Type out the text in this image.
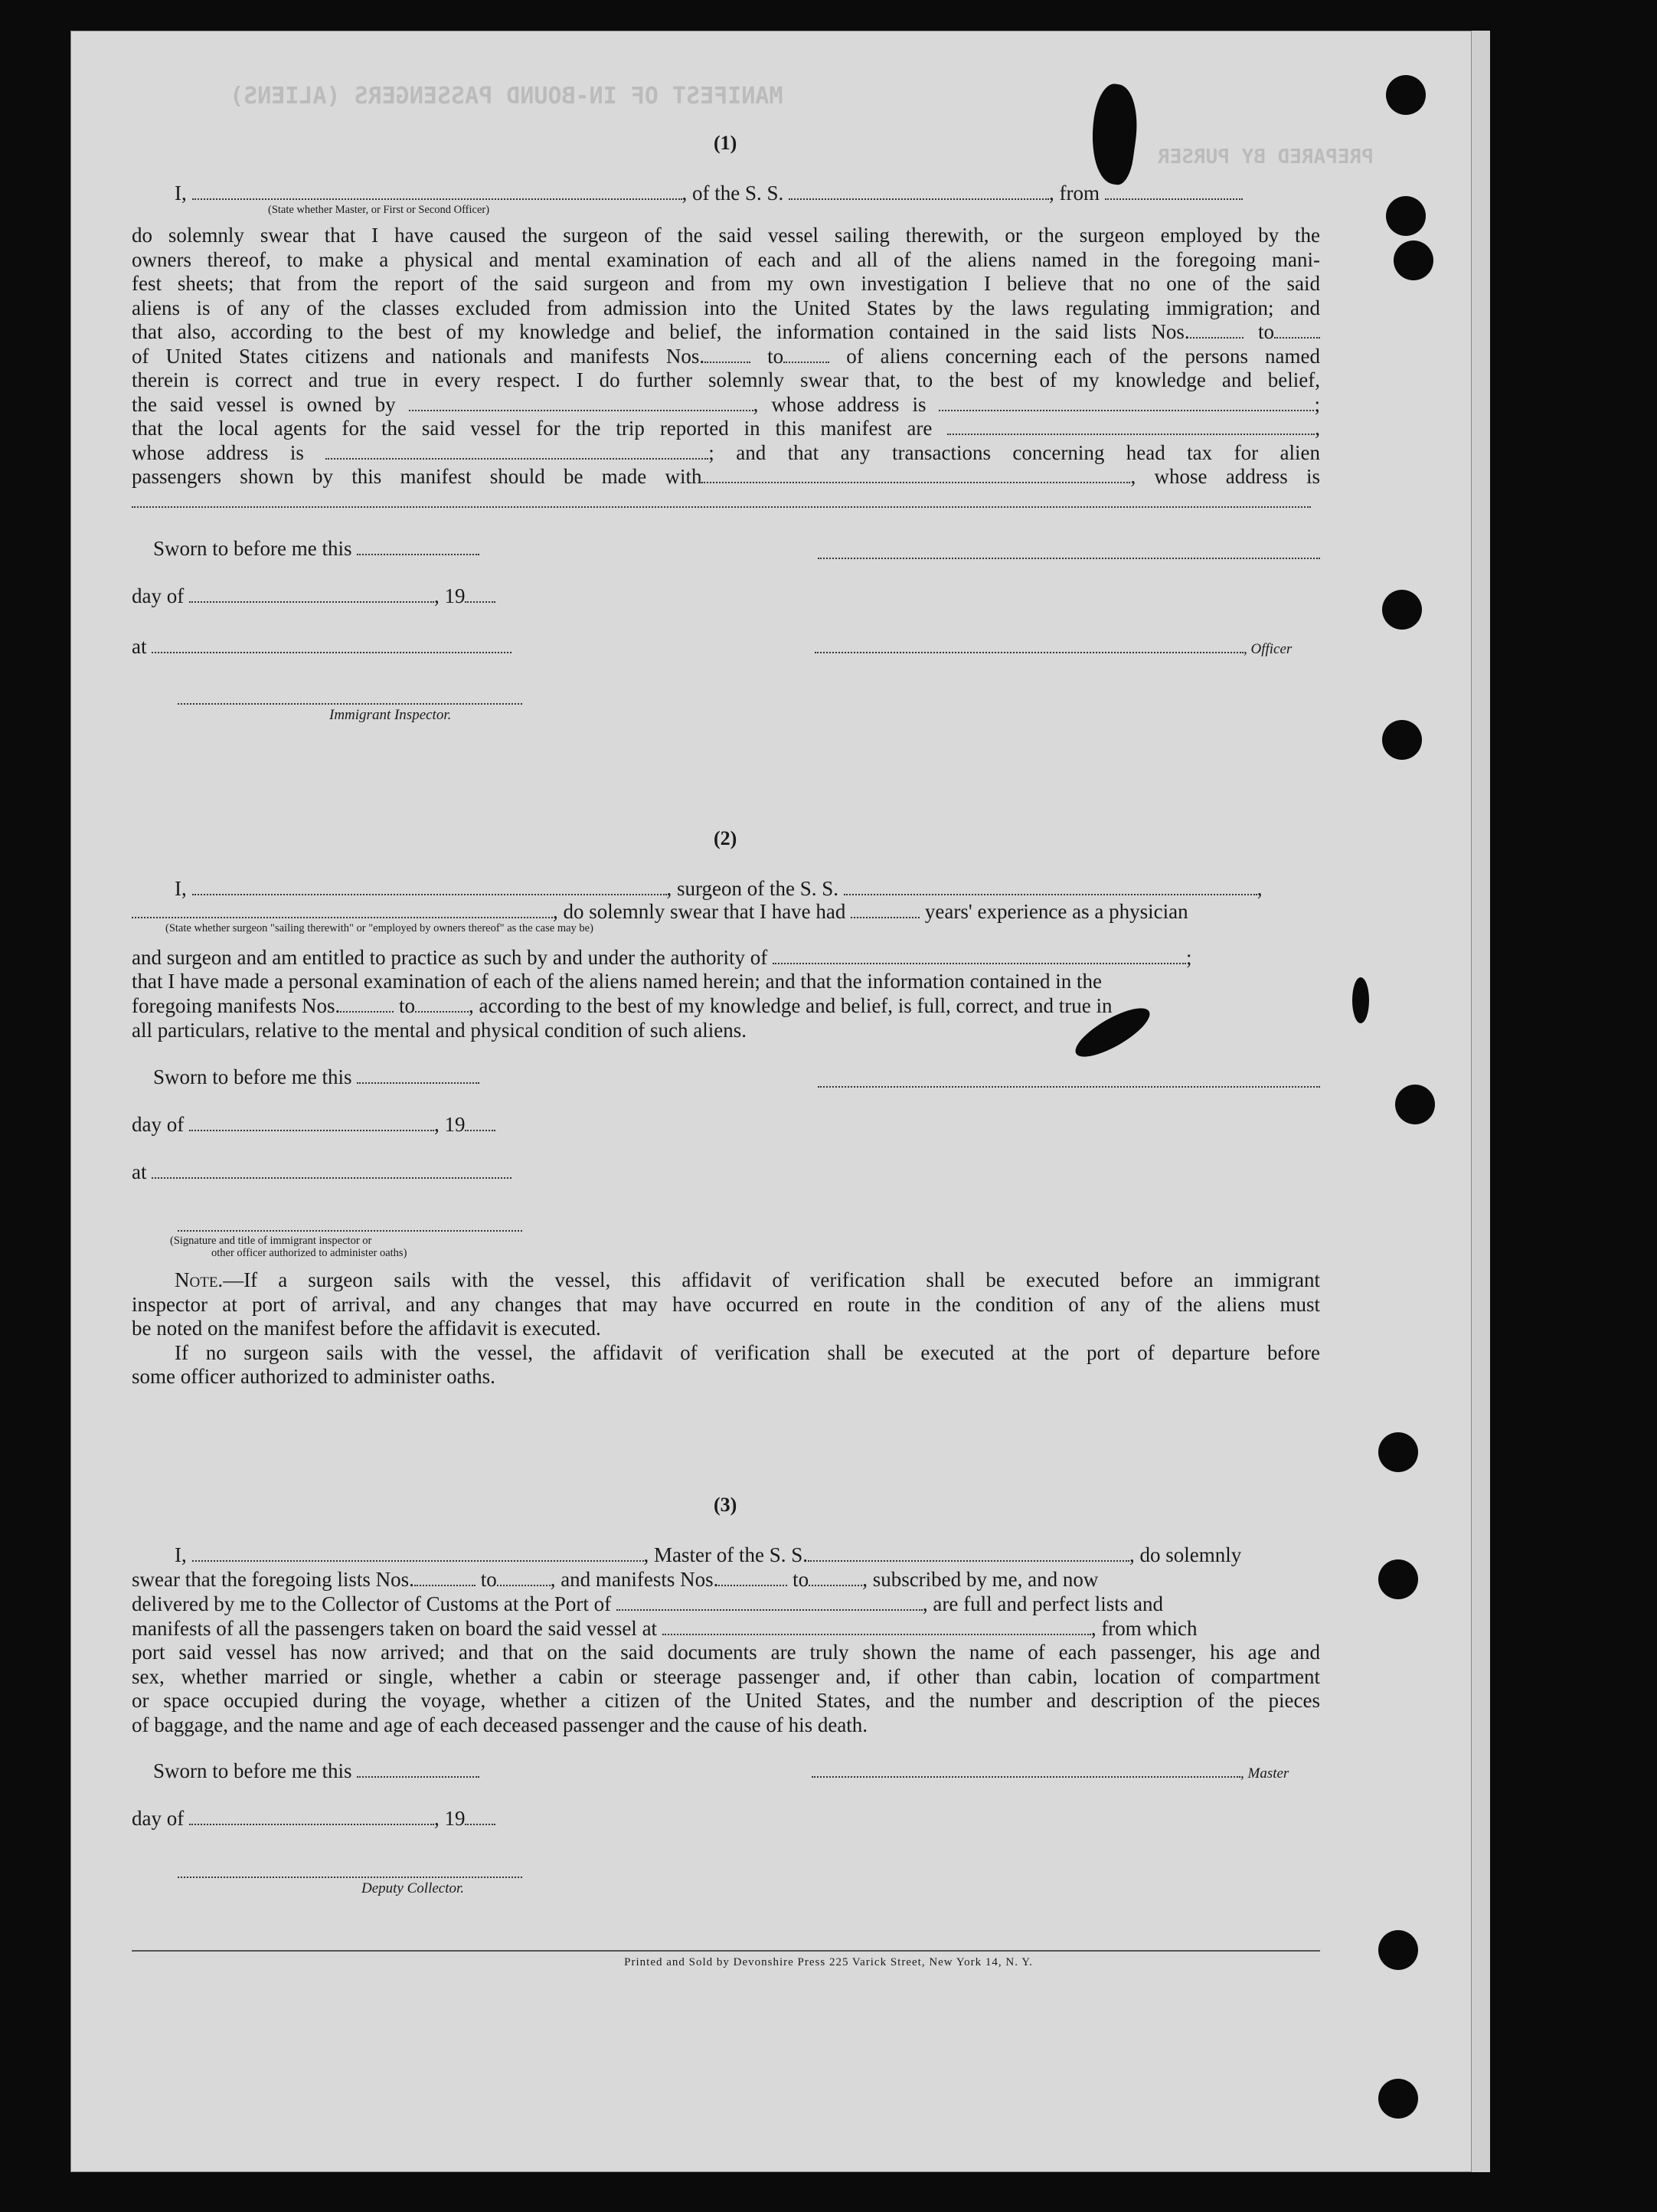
MANIFEST OF IN-BOUND PASSENGERS (ALIENS)
PREPARED BY PURSER
(1)
I,	, of the S. S.	, from
(State whether Master, or First or Second Officer)

do solemnly swear that I have caused the surgeon of the said vessel sailing therewith, or the surgeon employed by the

owners thereof, to make a physical and mental examination of each and all of the aliens named in the foregoing mani-

fest sheets; that from the report of the said surgeon and from my own investigation I believe that no one of the said

aliens is of any of the classes excluded from admission into the United States by the laws regulating immigration; and

that also, according to the best of my knowledge and belief, the information contained in the said lists Nos.	to

of United States citizens and nationals and manifests Nos.	to	of aliens concerning each of the persons named

therein is correct and true in every respect. I do further solemnly swear that, to the best of my knowledge and belief,

the said vessel is owned by	, whose address is	;

that the local agents for the said vessel for the trip reported in this manifest are	,

whose address is	; and that any transactions concerning head tax for alien

passengers shown by this manifest should be made with	, whose address is

Sworn to before me this
day of	, 19
at	, Officer
Immigrant Inspector.
(2)
I,	, surgeon of the S. S.	,
, do solemnly swear that I have had	years' experience as a physician
(State whether surgeon "sailing therewith" or "employed by owners thereof" as the case may be)
and surgeon and am entitled to practice as such by and under the authority of	;
that I have made a personal examination of each of the aliens named herein; and that the information contained in the
foregoing manifests Nos.	to	, according to the best of my knowledge and belief, is full, correct, and true in
all particulars, relative to the mental and physical condition of such aliens.
Sworn to before me this
day of	, 19
at
(Signature and title of immigrant inspector or
other officer authorized to administer oaths)

Note.—If a surgeon sails with the vessel, this affidavit of verification shall be executed before an immigrant

inspector at port of arrival, and any changes that may have occurred en route in the condition of any of the aliens must

be noted on the manifest before the affidavit is executed.

If no surgeon sails with the vessel, the affidavit of verification shall be executed at the port of departure before

some officer authorized to administer oaths.

(3)
I,	, Master of the S. S.	, do solemnly
swear that the foregoing lists Nos.	to	, and manifests Nos.	to	, subscribed by me, and now
delivered by me to the Collector of Customs at the Port of	, are full and perfect lists and
manifests of all the passengers taken on board the said vessel at	, from which

port said vessel has now arrived; and that on the said documents are truly shown the name of each passenger, his age and

sex, whether married or single, whether a cabin or steerage passenger and, if other than cabin, location of compartment

or space occupied during the voyage, whether a citizen of the United States, and the number and description of the pieces

of baggage, and the name and age of each deceased passenger and the cause of his death.

Sworn to before me this	, Master
day of	, 19
Deputy Collector.
Printed and Sold by Devonshire Press 225 Varick Street, New York 14, N. Y.
